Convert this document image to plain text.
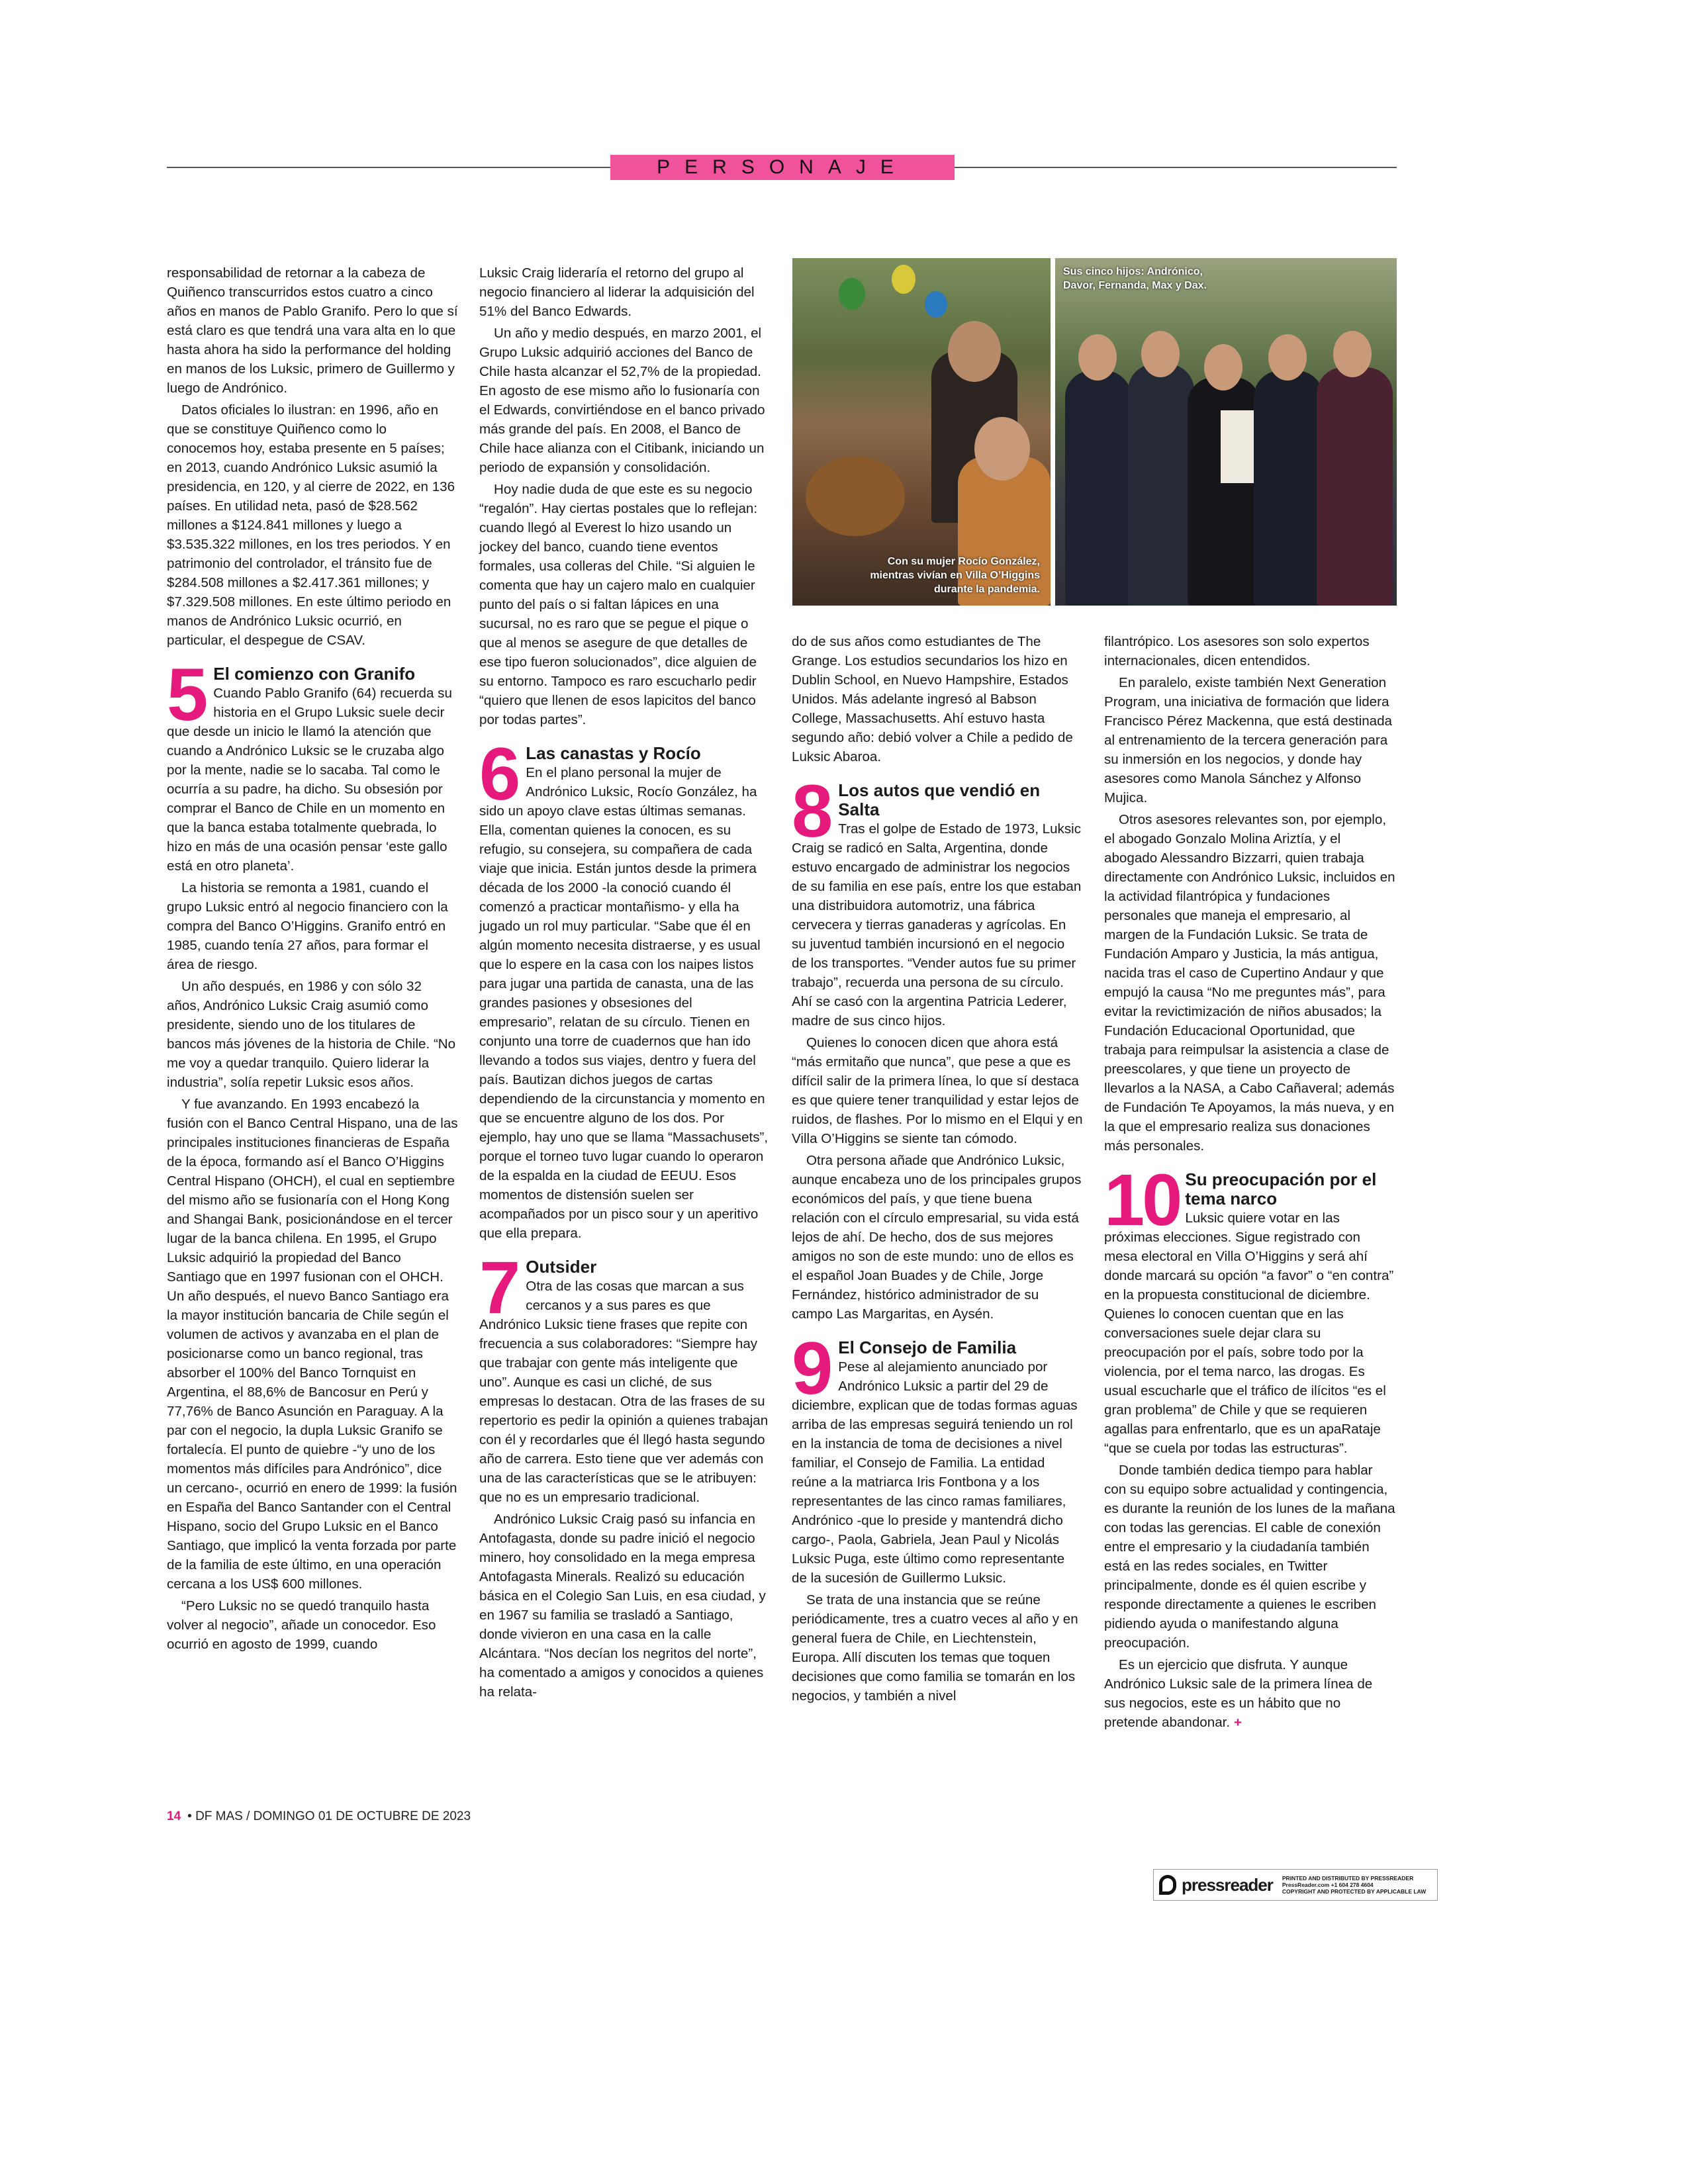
PERSONAJE
Con su mujer Rocío González, mientras vivían en Villa O’Higgins durante la pandemia.
Sus cinco hijos: Andrónico, Davor, Fernanda, Max y Dax.

responsabilidad de retornar a la cabeza de Quiñenco transcurridos estos cuatro a cinco años en manos de Pablo Granifo. Pero lo que sí está claro es que tendrá una vara alta en lo que hasta ahora ha sido la performance del holding en manos de los Luksic, primero de Guillermo y luego de Andrónico.

Datos oficiales lo ilustran: en 1996, año en que se constituye Quiñenco como lo conocemos hoy, estaba presente en 5 países; en 2013, cuando Andrónico Luksic asumió la presidencia, en 120, y al cierre de 2022, en 136 países. En utilidad neta, pasó de $28.562 millones a $124.841 millones y luego a $3.535.322 millones, en los tres periodos. Y en patrimonio del controlador, el tránsito fue de $284.508 millones a $2.417.361 millones; y $7.329.508 millones. En este último periodo en manos de Andrónico Luksic ocurrió, en particular, el despegue de CSAV.

5 El comienzo con Granifo

Cuando Pablo Granifo (64) recuerda su historia en el Grupo Luksic suele decir que desde un inicio le llamó la atención que cuando a Andrónico Luksic se le cruzaba algo por la mente, nadie se lo sacaba. Tal como le ocurría a su padre, ha dicho. Su obsesión por comprar el Banco de Chile en un momento en que la banca estaba totalmente quebrada, lo hizo en más de una ocasión pensar ‘este gallo está en otro planeta’.

La historia se remonta a 1981, cuando el grupo Luksic entró al negocio financiero con la compra del Banco O’Higgins. Granifo entró en 1985, cuando tenía 27 años, para formar el área de riesgo.

Un año después, en 1986 y con sólo 32 años, Andrónico Luksic Craig asumió como presidente, siendo uno de los titulares de bancos más jóvenes de la historia de Chile. “No me voy a quedar tranquilo. Quiero liderar la industria”, solía repetir Luksic esos años.

Y fue avanzando. En 1993 encabezó la fusión con el Banco Central Hispano, una de las principales instituciones financieras de España de la época, formando así el Banco O’Higgins Central Hispano (OHCH), el cual en septiembre del mismo año se fusionaría con el Hong Kong and Shangai Bank, posicionándose en el tercer lugar de la banca chilena. En 1995, el Grupo Luksic adquirió la propiedad del Banco Santiago que en 1997 fusionan con el OHCH. Un año después, el nuevo Banco Santiago era la mayor institución bancaria de Chile según el volumen de activos y avanzaba en el plan de posicionarse como un banco regional, tras absorber el 100% del Banco Tornquist en Argentina, el 88,6% de Bancosur en Perú y 77,76% de Banco Asunción en Paraguay. A la par con el negocio, la dupla Luksic Granifo se fortalecía. El punto de quiebre -“y uno de los momentos más difíciles para Andrónico”, dice un cercano-, ocurrió en enero de 1999: la fusión en España del Banco Santander con el Central Hispano, socio del Grupo Luksic en el Banco Santiago, que implicó la venta forzada por parte de la familia de este último, en una operación cercana a los US$ 600 millones.

“Pero Luksic no se quedó tranquilo hasta volver al negocio”, añade un conocedor. Eso ocurrió en agosto de 1999, cuando

Luksic Craig lideraría el retorno del grupo al negocio financiero al liderar la adquisición del 51% del Banco Edwards.

Un año y medio después, en marzo 2001, el Grupo Luksic adquirió acciones del Banco de Chile hasta alcanzar el 52,7% de la propiedad. En agosto de ese mismo año lo fusionaría con el Edwards, convirtiéndose en el banco privado más grande del país. En 2008, el Banco de Chile hace alianza con el Citibank, iniciando un periodo de expansión y consolidación.

Hoy nadie duda de que este es su negocio “regalón”. Hay ciertas postales que lo reflejan: cuando llegó al Everest lo hizo usando un jockey del banco, cuando tiene eventos formales, usa colleras del Chile. “Si alguien le comenta que hay un cajero malo en cualquier punto del país o si faltan lápices en una sucursal, no es raro que se pegue el pique o que al menos se asegure de que detalles de ese tipo fueron solucionados”, dice alguien de su entorno. Tampoco es raro escucharlo pedir “quiero que llenen de esos lapicitos del banco por todas partes”.

6 Las canastas y Rocío

En el plano personal la mujer de Andrónico Luksic, Rocío González, ha sido un apoyo clave estas últimas semanas. Ella, comentan quienes la conocen, es su refugio, su consejera, su compañera de cada viaje que inicia. Están juntos desde la primera década de los 2000 -la conoció cuando él comenzó a practicar montañismo- y ella ha jugado un rol muy particular. “Sabe que él en algún momento necesita distraerse, y es usual que lo espere en la casa con los naipes listos para jugar una partida de canasta, una de las grandes pasiones y obsesiones del empresario”, relatan de su círculo. Tienen en conjunto una torre de cuadernos que han ido llevando a todos sus viajes, dentro y fuera del país. Bautizan dichos juegos de cartas dependiendo de la circunstancia y momento en que se encuentre alguno de los dos. Por ejemplo, hay uno que se llama “Massachusets”, porque el torneo tuvo lugar cuando lo operaron de la espalda en la ciudad de EEUU. Esos momentos de distensión suelen ser acompañados por un pisco sour y un aperitivo que ella prepara.

7 Outsider

Otra de las cosas que marcan a sus cercanos y a sus pares es que Andrónico Luksic tiene frases que repite con frecuencia a sus colaboradores: “Siempre hay que trabajar con gente más inteligente que uno”. Aunque es casi un cliché, de sus empresas lo destacan. Otra de las frases de su repertorio es pedir la opinión a quienes trabajan con él y recordarles que él llegó hasta segundo año de carrera. Esto tiene que ver además con una de las características que se le atribuyen: que no es un empresario tradicional.

Andrónico Luksic Craig pasó su infancia en Antofagasta, donde su padre inició el negocio minero, hoy consolidado en la mega empresa Antofagasta Minerals. Realizó su educación básica en el Colegio San Luis, en esa ciudad, y en 1967 su familia se trasladó a Santiago, donde vivieron en una casa en la calle Alcántara. “Nos decían los negritos del norte”, ha comentado a amigos y conocidos a quienes ha relata-

do de sus años como estudiantes de The Grange. Los estudios secundarios los hizo en Dublin School, en Nuevo Hampshire, Estados Unidos. Más adelante ingresó al Babson College, Massachusetts. Ahí estuvo hasta segundo año: debió volver a Chile a pedido de Luksic Abaroa.

8 Los autos que vendió en Salta

Tras el golpe de Estado de 1973, Luksic Craig se radicó en Salta, Argentina, donde estuvo encargado de administrar los negocios de su familia en ese país, entre los que estaban una distribuidora automotriz, una fábrica cervecera y tierras ganaderas y agrícolas. En su juventud también incursionó en el negocio de los transportes. “Vender autos fue su primer trabajo”, recuerda una persona de su círculo. Ahí se casó con la argentina Patricia Lederer, madre de sus cinco hijos.

Quienes lo conocen dicen que ahora está “más ermitaño que nunca”, que pese a que es difícil salir de la primera línea, lo que sí destaca es que quiere tener tranquilidad y estar lejos de ruidos, de flashes. Por lo mismo en el Elqui y en Villa O’Higgins se siente tan cómodo.

Otra persona añade que Andrónico Luksic, aunque encabeza uno de los principales grupos económicos del país, y que tiene buena relación con el círculo empresarial, su vida está lejos de ahí. De hecho, dos de sus mejores amigos no son de este mundo: uno de ellos es el español Joan Buades y de Chile, Jorge Fernández, histórico administrador de su campo Las Margaritas, en Aysén.

9 El Consejo de Familia

Pese al alejamiento anunciado por Andrónico Luksic a partir del 29 de diciembre, explican que de todas formas aguas arriba de las empresas seguirá teniendo un rol en la instancia de toma de decisiones a nivel familiar, el Consejo de Familia. La entidad reúne a la matriarca Iris Fontbona y a los representantes de las cinco ramas familiares, Andrónico -que lo preside y mantendrá dicho cargo-, Paola, Gabriela, Jean Paul y Nicolás Luksic Puga, este último como representante de la sucesión de Guillermo Luksic.

Se trata de una instancia que se reúne periódicamente, tres a cuatro veces al año y en general fuera de Chile, en Liechtenstein, Europa. Allí discuten los temas que toquen decisiones que como familia se tomarán en los negocios, y también a nivel

filantrópico. Los asesores son solo expertos internacionales, dicen entendidos.

En paralelo, existe también Next Generation Program, una iniciativa de formación que lidera Francisco Pérez Mackenna, que está destinada al entrenamiento de la tercera generación para su inmersión en los negocios, y donde hay asesores como Manola Sánchez y Alfonso Mujica.

Otros asesores relevantes son, por ejemplo, el abogado Gonzalo Molina Ariztía, y el abogado Alessandro Bizzarri, quien trabaja directamente con Andrónico Luksic, incluidos en la actividad filantrópica y fundaciones personales que maneja el empresario, al margen de la Fundación Luksic. Se trata de Fundación Amparo y Justicia, la más antigua, nacida tras el caso de Cupertino Andaur y que empujó la causa “No me preguntes más”, para evitar la revictimización de niños abusados; la Fundación Educacional Oportunidad, que trabaja para reimpulsar la asistencia a clase de preescolares, y que tiene un proyecto de llevarlos a la NASA, a Cabo Cañaveral; además de Fundación Te Apoyamos, la más nueva, y en la que el empresario realiza sus donaciones más personales.

10 Su preocupación por el tema narco

Luksic quiere votar en las próximas elecciones. Sigue registrado con mesa electoral en Villa O’Higgins y será ahí donde marcará su opción “a favor” o “en contra” en la propuesta constitucional de diciembre. Quienes lo conocen cuentan que en las conversaciones suele dejar clara su preocupación por el país, sobre todo por la violencia, por el tema narco, las drogas. Es usual escucharle que el tráfico de ilícitos “es el gran problema” de Chile y que se requieren agallas para enfrentarlo, que es un apaRataje “que se cuela por todas las estructuras”.

Donde también dedica tiempo para hablar con su equipo sobre actualidad y contingencia, es durante la reunión de los lunes de la mañana con todas las gerencias. El cable de conexión entre el empresario y la ciudadanía también está en las redes sociales, en Twitter principalmente, donde es él quien escribe y responde directamente a quienes le escriben pidiendo ayuda o manifestando alguna preocupación.

Es un ejercicio que disfruta. Y aunque Andrónico Luksic sale de la primera línea de sus negocios, este es un hábito que no pretende abandonar. +

14 • DF MAS / DOMINGO 01 DE OCTUBRE DE 2023
pressreader PRINTED AND DISTRIBUTED BY PRESSREADER
PressReader.com +1 604 278 4604
COPYRIGHT AND PROTECTED BY APPLICABLE LAW
